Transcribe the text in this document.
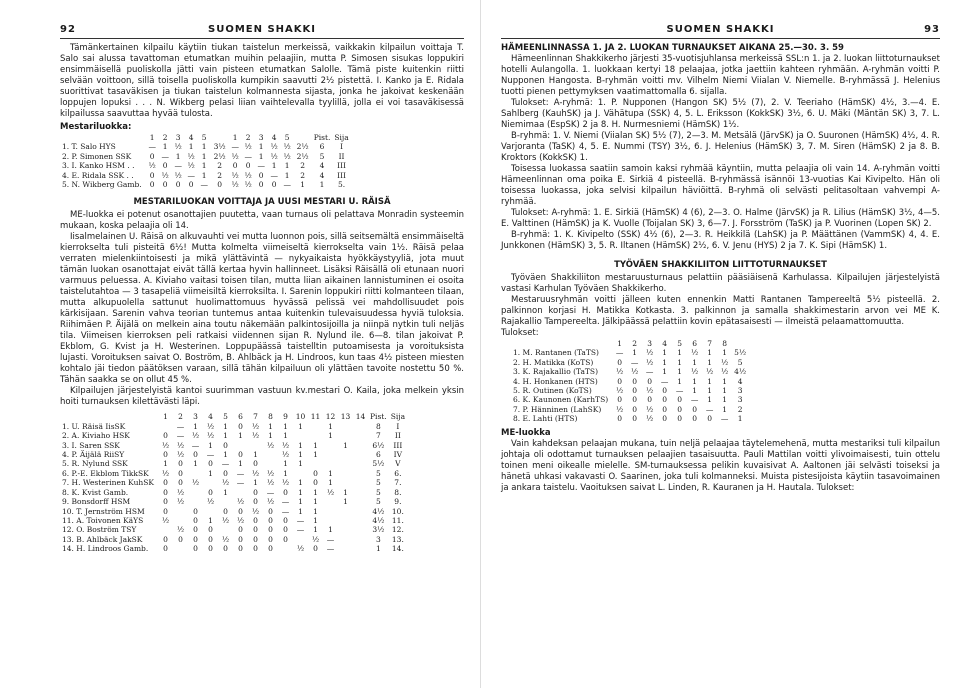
92	SUOMEN SHAKKI

Tämänkertainen kilpailu käytiin tiukan taistelun merkeissä, vaikkakin kilpailun voittaja T. Salo sai alussa tavattoman etumatkan muihin pelaajiin, mutta P. Simosen sisukas loppukiri ensimmäisellä puoliskolla jätti vain pisteen etumatkan Salolle. Tämä piste kuitenkin riitti selvään voittoon, sillä toisella puoliskolla kumpikin saavutti 2½ pistettä. I. Kanko ja E. Ridala suorittivat tasaväkisen ja tiukan taistelun kolmannesta sijasta, jonka he jakoivat keskenään loppujen lopuksi . . . N. Wikberg pelasi liian vaihtelevalla tyylillä, jolla ei voi tasaväkisessä kilpailussa saavuttaa hyvää tulosta.

Mestariluokka:
	1	2	3	4	5		1	2	3	4	5		Pist.	Sija
1. T. Salo HYS	—	1	½	1	1	3½	—	½	1	½	½	2½	6	I
2. P. Simonen SSK	0	—	1	½	1	2½	½	—	1	½	½	2½	5	II
3. I. Kanko HSM . .	½	0	—	½	1	2	0	0	—	1	1	2	4	III
4. E. Ridala SSK . .	0	½	½	—	1	2	½	½	0	—	1	2	4	III
5. N. Wikberg Gamb.	0	0	0	0	—	0	½	½	0	0	—	1	1	5.
MESTARILUOKAN VOITTAJA JA UUSI MESTARI U. RÄISÄ

ME-luokka ei potenut osanottajien puutetta, vaan turnaus oli pelattava Monradin systeemin mukaan, koska pelaajia oli 14.

Iisalmelainen U. Räisä on alkuvauhti vei mutta luonnon pois, sillä seitsemältä ensimmäiseltä kierrokselta tuli pisteitä 6½! Mutta kolmelta viimeiseltä kierrokselta vain 1½. Räisä pelaa verraten mielenkiintoisesti ja mikä ylättävintä — nykyaikaista hyökkäystyyliä, jota muut tämän luokan osanottajat eivät tällä kertaa hyvin hallinneet. Lisäksi Räisällä oli etunaan nuori varmuus peluessa. A. Kiviaho vaitasi toisen tilan, mutta liian aikainen lannistuminen ei osoita taistelutahtoa — 3 tasapeliä viimeisiltä kierroksilta. I. Sarenin loppukiri riitti kolmanteen tilaan, mutta alkupuolella sattunut huolimattomuus hyvässä pelissä vei mahdollisuudet pois kärkisijaan. Sarenin vahva teorian tuntemus antaa kuitenkin tulevaisuudessa hyviä tuloksia. Riihimäen P. Äijälä on melkein aina toutu näkemään palkintosijoilla ja niinpä nytkin tuli neljäs tila. Viimeisen kierroksen peli ratkaisi viidennen sijan R. Nylund ile. 6—8. tilan jakoivat P. Ekblom, G. Kvist ja H. Westerinen. Loppupäässä taistelltin putoamisesta ja voroituksista lujasti. Voroituksen saivat O. Boström, B. Ahlbäck ja H. Lindroos, kun taas 4½ pisteen miesten kohtalo jäi tiedon päätöksen varaan, sillä tähän kilpailuun oli ylättäen tavoite nostettu 50 %. Tähän saakka se on ollut 45 %.

Kilpailujen järjestelyistä kantoi suurimman vastuun kv.mestari O. Kaila, joka melkein yksin hoiti turnauksen kilettävästi läpi.

	1	2	3	4	5	6	7	8	9	10	11	12	13	14	Pist.	Sija
1. U. Räisä IisSK		—	1	½	1	0	½	1	1	1		1			8	I
2. A. Kiviaho HSK	0	—	½	½	1	1	½	1	1			1			7	II
3. I. Saren SSK	½	½	—	1	0			½	½	1	1		1		6½	III
4. P. Äijälä RiiSY	0	½	0	—	1	0	1		½	1	1				6	IV
5. R. Nylund SSK	1	0	1	0	—	1	0		1	1					5½	V
6. P.-E. Ekblom TikkSK	½	0		1	0	—	½	½	1		0	1			5	6.
7. H. Westerinen KuhSK	0	0	½		½	—	1	½	½	1	0	1			5	7.
8. K. Kvist Gamb.	0	½		0	1		0	—	0	1	1	½	1		5	8.
9. Bonsdorff HSM	0	½		½		½	0	½	—	1	1		1		5	9.
10. T. Jernström HSM	0		0		0	0	½	0	—	1	1				4½	10.
11. A. Toivonen KäYS	½		0	1	½	½	0	0	0	—	1				4½	11.
12. O. Boström TSY		½	0	0		0	0	0	0	—	1	1			3½	12.
13. B. Ahlbäck JakSK	0	0	0	0	½	0	0	0	0		½	—			3	13.
14. H. Lindroos Gamb.	0		0	0	0	0	0	0		½	0	—			1	14.
SUOMEN SHAKKI	93
HÄMEENLINNASSA 1. JA 2. LUOKAN TURNAUKSET AIKANA 25.—30. 3. 59

Hämeenlinnan Shakkikerho järjesti 35-vuotisjuhlansa merkeissä SSL:n 1. ja 2. luokan liittoturnaukset hotelli Aulangolla. 1. luokkaan kertyi 18 pelaajaa, jotka jaettiin kahteen ryhmään. A-ryhmän voitti P. Nupponen Hangosta. B-ryhmän voitti mv. Vilhelm Niemi Viialan V. Niemelle. B-ryhmässä J. Helenius tuotti pienen pettymyksen vaatimattomalla 6. sijalla.

Tulokset: A-ryhmä: 1. P. Nupponen (Hangon SK) 5½ (7), 2. V. Teeriaho (HämSK) 4½, 3.—4. E. Sahlberg (KauhSK) ja J. Vähätupa (SSK) 4, 5. L. Eriksson (KokkSK) 3½, 6. U. Mäki (Mäntän SK) 3, 7. L. Niemimaa (EspSK) 2 ja 8. H. Nurmesniemi (HämSK) 1½.

B-ryhmä: 1. V. Niemi (Viialan SK) 5½ (7), 2—3. M. Metsälä (JärvSK) ja O. Suuronen (HämSK) 4½, 4. R. Varjoranta (TaSK) 4, 5. E. Nummi (TSY) 3½, 6. J. Helenius (HämSK) 3, 7. M. Siren (HämSK) 2 ja 8. B. Kroktors (KokkSK) 1.

Toisessa luokassa saatiin samoin kaksi ryhmää käyntiin, mutta pelaajia oli vain 14. A-ryhmän voitti Hämeenlinnan oma poika E. Sirkiä 4 pisteellä. B-ryhmässä isännöi 13-vuotias Kai Kivipelto. Hän oli toisessa luokassa, joka selvisi kilpailun häviöittä. B-ryhmä oli selvästi pelitasoltaan vahvempi A-ryhmää.

Tulokset: A-ryhmä: 1. E. Sirkiä (HämSK) 4 (6), 2—3. O. Halme (JärvSK) ja R. Lilius (HämSK) 3½, 4—5. E. Valttinen (HämSK) ja K. Vuolle (Toijalan SK) 3, 6—7. J. Forsström (TaSK) ja P. Vuorinen (Lopen SK) 2.

B-ryhmä: 1. K. Kivipelto (SSK) 4½ (6), 2—3. R. Heikkilä (LahSK) ja P. Määttänen (VammSK) 4, 4. E. Junkkonen (HämSK) 3, 5. R. Iltanen (HämSK) 2½, 6. V. Jenu (HYS) 2 ja 7. K. Sipi (HämSK) 1.

TYÖVÄEN SHAKKILIITON LIITTOTURNAUKSET

Työväen Shakkiliiton mestaruusturnaus pelattiin pääsiäisenä Karhulassa. Kilpailujen järjestelyistä vastasi Karhulan Työväen Shakkikerho.

Mestaruusryhmän voitti jälleen kuten ennenkin Matti Rantanen Tampereeltä 5½ pisteellä. 2. palkinnon korjasi H. Matikka Kotkasta. 3. palkinnon ja samalla shakkimestarin arvon vei ME K. Rajakallio Tampereelta. Jälkipäässä pelattiin kovin epätasaisesti — ilmeistä pelaamattomuutta.

Tulokset:

	1	2	3	4	5	6	7	8	
1. M. Rantanen (TaTS)	—	1	½	1	1	½	1	1	5½
2. H. Matikka (KoTS)	0	—	½	1	1	1	1	½	5
3. K. Rajakallio (TaTS)	½	½	—	1	1	½	½	½	4½
4. H. Honkanen (HTS)	0	0	0	—	1	1	1	1	4
5. R. Outinen (KoTS)	½	0	½	0	—	1	1	1	3
6. K. Kaunonen (KarhTS)	0	0	0	0	0	—	1	1	3
7. P. Hänninen (LahSK)	½	0	½	0	0	0	—	1	2
8. E. Lahti (HTS)	0	0	½	0	0	0	0	—	1
ME-luokka

Vain kahdeksan pelaajan mukana, tuin neljä pelaajaa täytelemehenä, mutta mestariksi tuli kilpailun johtaja oli odottamut turnauksen pelaajien tasaisuutta. Pauli Mattilan voitti ylivoimaisesti, tuin ottelu toinen meni oikealle mielelle. SM-turnauksessa pelikin kuvaisivat A. Aaltonen jäi selvästi toiseksi ja hänetä uhkasi vakavasti O. Saarinen, joka tuli kolmanneksi. Muista pistesijoista käytiin tasavoimainen ja ankara taistelu. Vaoituksen saivat L. Linden, R. Kauranen ja H. Hautala. Tulokset:
